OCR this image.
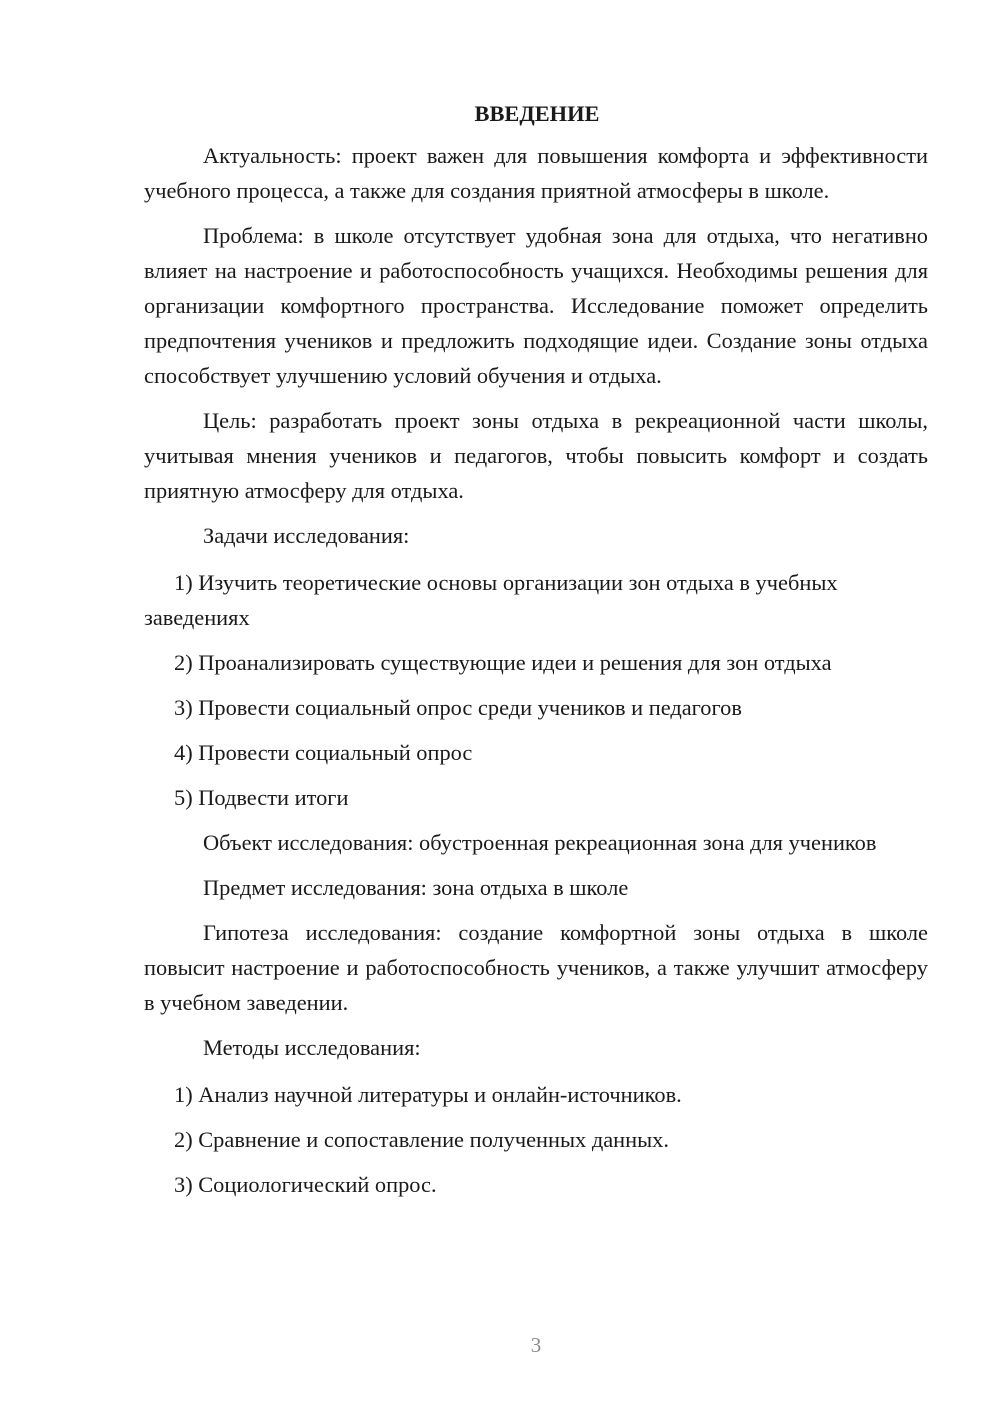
ВВЕДЕНИЕ

Актуальность: проект важен для повышения комфорта и эффективности учебного процесса, а также для создания приятной атмосферы в школе.

Проблема: в школе отсутствует удобная зона для отдыха, что негативно влияет на настроение и работоспособность учащихся. Необходимы решения для организации комфортного пространства. Исследование поможет определить предпочтения учеников и предложить подходящие идеи. Создание зоны отдыха способствует улучшению условий обучения и отдыха.

Цель: разработать проект зоны отдыха в рекреационной части школы, учитывая мнения учеников и педагогов, чтобы повысить комфорт и создать приятную атмосферу для отдыха.

Задачи исследования:

1) Изучить теоретические основы организации зон отдыха в учебных заведениях

2) Проанализировать существующие идеи и решения для зон отдыха

3) Провести социальный опрос среди учеников и педагогов

4) Провести социальный опрос

5) Подвести итоги

Объект исследования: обустроенная рекреационная зона для учеников

Предмет исследования: зона отдыха в школе

Гипотеза исследования: создание комфортной зоны отдыха в школе повысит настроение и работоспособность учеников, а также улучшит атмосферу в учебном заведении.

Методы исследования:

1) Анализ научной литературы и онлайн-источников.

2) Сравнение и сопоставление полученных данных.

3) Социологический опрос.

3
